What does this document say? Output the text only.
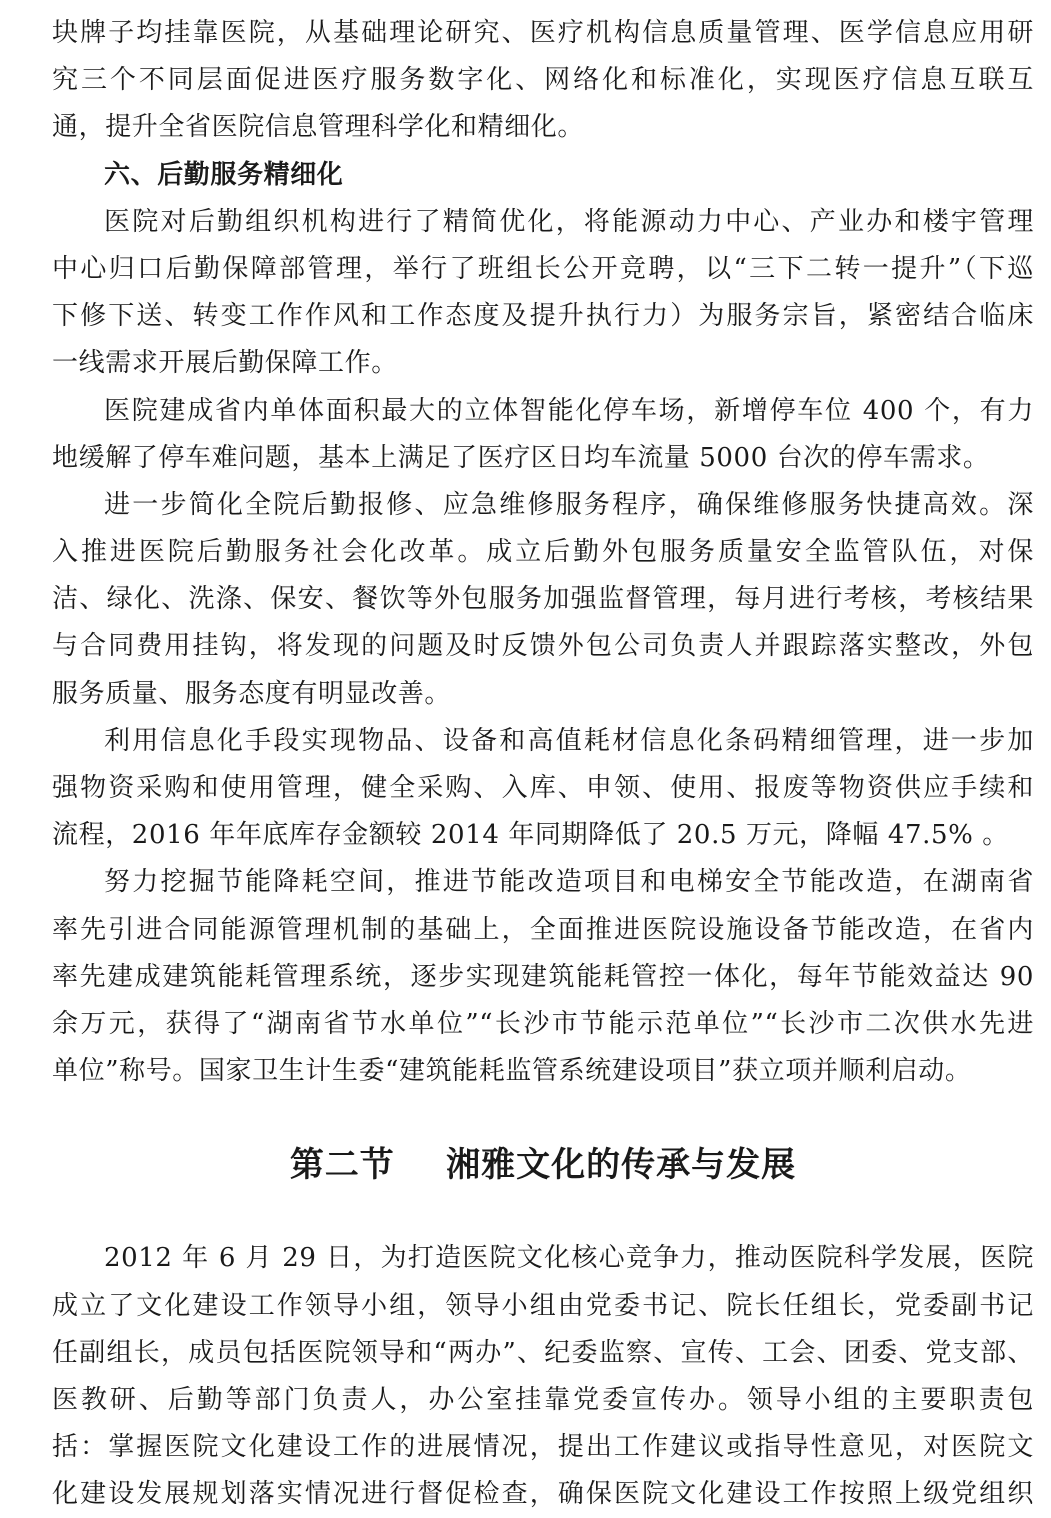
块牌子均挂靠医院，从基础理论研究、医疗机构信息质量管理、医学信息应用研
究三个不同层面促进医疗服务数字化、网络化和标准化，实现医疗信息互联互
通，提升全省医院信息管理科学化和精细化。
六、后勤服务精细化
医院对后勤组织机构进行了精简优化，将能源动力中心、产业办和楼宇管理
中心归口后勤保障部管理，举行了班组长公开竞聘，以“三下二转一提升”（下巡
下修下送、转变工作作风和工作态度及提升执行力）为服务宗旨，紧密结合临床
一线需求开展后勤保障工作。
医院建成省内单体面积最大的立体智能化停车场，新增停车位 400 个，有力
地缓解了停车难问题，基本上满足了医疗区日均车流量 5000 台次的停车需求。
进一步简化全院后勤报修、应急维修服务程序，确保维修服务快捷高效。深
入推进医院后勤服务社会化改革。成立后勤外包服务质量安全监管队伍，对保
洁、绿化、洗涤、保安、餐饮等外包服务加强监督管理，每月进行考核，考核结果
与合同费用挂钩，将发现的问题及时反馈外包公司负责人并跟踪落实整改，外包
服务质量、服务态度有明显改善。
利用信息化手段实现物品、设备和高值耗材信息化条码精细管理，进一步加
强物资采购和使用管理，健全采购、入库、申领、使用、报废等物资供应手续和
流程，2016 年年底库存金额较 2014 年同期降低了 20.5 万元，降幅 47.5% 。
努力挖掘节能降耗空间，推进节能改造项目和电梯安全节能改造，在湖南省
率先引进合同能源管理机制的基础上，全面推进医院设施设备节能改造，在省内
率先建成建筑能耗管理系统，逐步实现建筑能耗管控一体化，每年节能效益达 90
余万元，获得了“湖南省节水单位”“长沙市节能示范单位”“长沙市二次供水先进
单位”称号。国家卫生计生委“建筑能耗监管系统建设项目”获立项并顺利启动。
第二节    湘雅文化的传承与发展
2012 年 6 月 29 日，为打造医院文化核心竞争力，推动医院科学发展，医院
成立了文化建设工作领导小组，领导小组由党委书记、院长任组长，党委副书记
任副组长，成员包括医院领导和“两办”、纪委监察、宣传、工会、团委、党支部、
医教研、后勤等部门负责人，办公室挂靠党委宣传办。领导小组的主要职责包
括：掌握医院文化建设工作的进展情况，提出工作建议或指导性意见，对医院文
化建设发展规划落实情况进行督促检查，确保医院文化建设工作按照上级党组织
